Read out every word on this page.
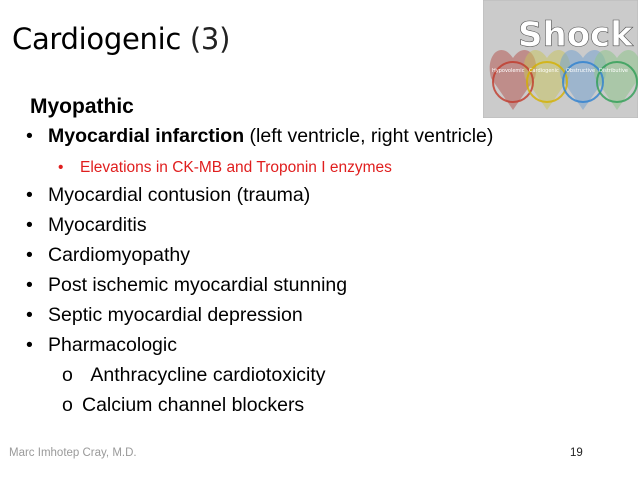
Cardiogenic (3)	Shock
Hypovolemic Cardiogenic Obstructive Distributive
Myopathic
• Myocardial infarction (left ventricle, right ventricle)
• Elevations in CK-MB and Troponin I enzymes
• Myocardial contusion (trauma)
• Myocarditis
• Cardiomyopathy
• Post ischemic myocardial stunning
• Septic myocardial depression
• Pharmacologic
o Anthracycline cardiotoxicity
o Calcium channel blockers
Marc Imhotep Cray, M.D.	19
